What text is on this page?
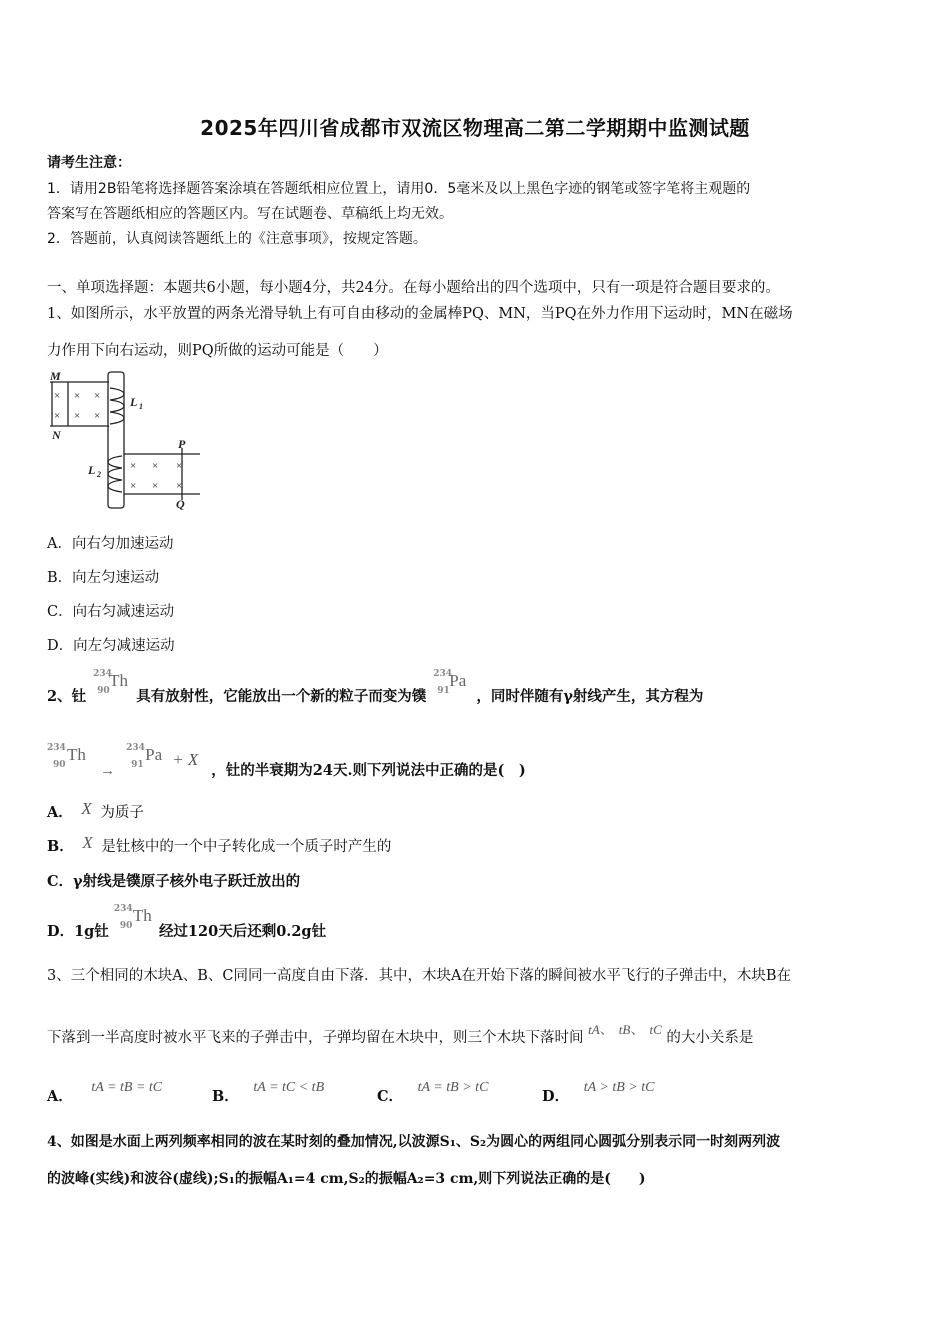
2025年四川省成都市双流区物理高二第二学期期中监测试题
请考生注意：
1．请用2B铅笔将选择题答案涂填在答题纸相应位置上，请用0．5毫米及以上黑色字迹的钢笔或签字笔将主观题的
答案写在答题纸相应的答题区内。写在试题卷、草稿纸上均无效。
2．答题前，认真阅读答题纸上的《注意事项》，按规定答题。
一、单项选择题：本题共6小题，每小题4分，共24分。在每小题给出的四个选项中，只有一项是符合题目要求的。
1、如图所示，水平放置的两条光滑导轨上有可自由移动的金属棒PQ、MN，当PQ在外力作用下运动时，MN在磁场
力作用下向右运动，则PQ所做的运动可能是（　　）
× × ×
× × ×
× × ×
× × ×
M
N
P
Q
L 1
L 2
A．向右匀加速运动
B．向左匀速运动
C．向右匀减速运动
D．向左匀减速运动
2、钍
234
90
Th
具有放射性，它能放出一个新的粒子而变为镤
234
91
Pa
，同时伴随有γ射线产生，其方程为
234
90
Th
→
234
91
Pa + X ，钍的半衰期为24天.则下列说法中正确的是(　)
A． X 为质子
B． X 是钍核中的一个中子转化成一个质子时产生的
C．γ射线是镤原子核外电子跃迁放出的
D．1g钍
234
90
Th
经过120天后还剩0.2g钍
3、三个相同的木块A、B、C同同一高度自由下落．其中，木块A在开始下落的瞬间被水平飞行的子弹击中，木块B在
下落到一半高度时被水平飞来的子弹击中，子弹均留在木块中，则三个木块下落时间 tA、 tB、 tC 的大小关系是
A． tA = tB = tC
B． tA = tC < tB
C． tA = tB > tC
D． tA > tB > tC
4、如图是水面上两列频率相同的波在某时刻的叠加情况,以波源S₁、S₂为圆心的两组同心圆弧分别表示同一时刻两列波
的波峰(实线)和波谷(虚线);S₁的振幅A₁=4 cm,S₂的振幅A₂=3 cm,则下列说法正确的是(　　)
